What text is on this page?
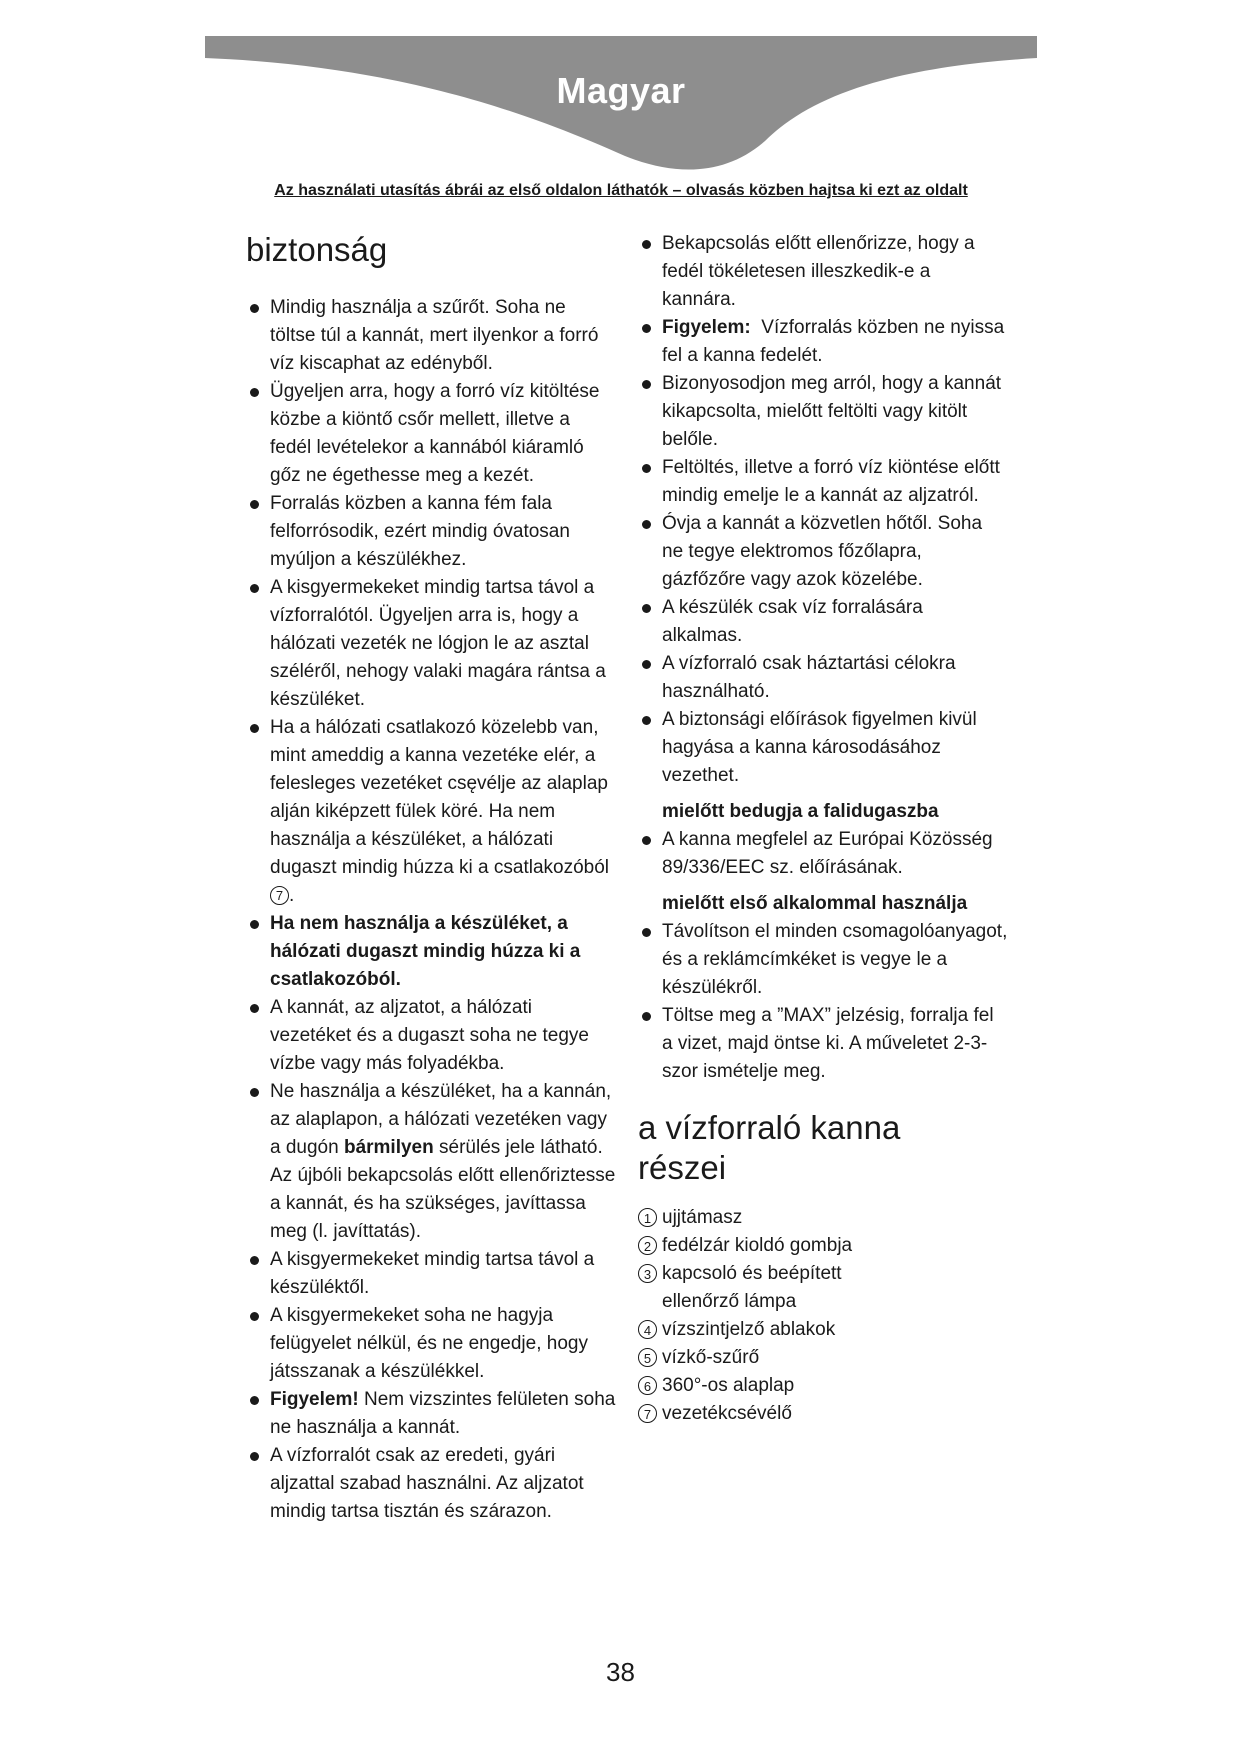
Magyar
Az használati utasítás ábrái az első oldalon láthatók – olvasás közben hajtsa ki ezt az oldalt
biztonság
Mindig használja a szűrőt. Soha ne töltse túl a kannát, mert ilyenkor a forró víz kiscaphat az edényből.
Ügyeljen arra, hogy a forró víz kitöltése közbe a kiöntő csőr mellett, illetve a fedél levételekor a kannából kiáramló gőz ne égethesse meg a kezét.
Forralás közben a kanna fém fala felforrósodik, ezért mindig óvatosan myúljon a készülékhez.
A kisgyermekeket mindig tartsa távol a vízforralótól. Ügyeljen arra is, hogy a hálózati vezeték ne lógjon le az asztal széléről, nehogy valaki magára rántsa a készüléket.
Ha a hálózati csatlakozó közelebb van, mint ameddig a kanna vezetéke elér, a felesleges vezetéket csęvélje az alaplap alján kiképzett fülek köré. Ha nem használja a készüléket, a hálózati dugaszt mindig húzza ki a csatlakozóból 7 .
Ha nem használja a készüléket, a hálózati dugaszt mindig húzza ki a csatlakozóból.
A kannát, az aljzatot, a hálózati vezetéket és a dugaszt soha ne tegye vízbe vagy más folyadékba.
Ne használja a készüléket, ha a kannán, az alaplapon, a hálózati vezetéken vagy a dugón bármilyen sérülés jele látható. Az újbóli bekapcsolás előtt ellenőriztesse a kannát, és ha szükséges, javíttassa meg (l. javíttatás).
A kisgyermekeket mindig tartsa távol a készüléktől.
A kisgyermekeket soha ne hagyja felügyelet nélkül, és ne engedje, hogy játsszanak a készülékkel.
Figyelem! Nem vizszintes felületen soha ne használja a kannát.
A vízforralót csak az eredeti, gyári aljzattal szabad használni. Az aljzatot mindig tartsa tisztán és szárazon.
Bekapcsolás előtt ellenőrizze, hogy a fedél tökéletesen illeszkedik-e a kannára.
Figyelem: Vízforralás közben ne nyissa fel a kanna fedelét.
Bizonyosodjon meg arról, hogy a kannát kikapcsolta, mielőtt feltölti vagy kitölt belőle.
Feltöltés, illetve a forró víz kiöntése előtt mindig emelje le a kannát az aljzatról.
Óvja a kannát a közvetlen hőtől. Soha ne tegye elektromos főzőlapra, gázfőzőre vagy azok közelébe.
A készülék csak víz forralására alkalmas.
A vízforraló csak háztartási célokra használható.
A biztonsági előírások figyelmen kivül hagyása a kanna károsodásához vezethet.
mielőtt bedugja a falidugaszba
A kanna megfelel az Európai Közösség 89/336/EEC sz. előírásának.
mielőtt első alkalommal használja
Távolítson el minden csomagolóanyagot, és a reklámcímkéket is vegye le a készülékről.
Töltse meg a ”MAX” jelzésig, forralja fel a vizet, majd öntse ki. A műveletet 2-3-szor ismételje meg.
a vízforraló kanna részei
1 ujjtámasz
2 fedélzár kioldó gombja
3 kapcsoló és beépített ellenőrző lámpa
4 vízszintjelző ablakok
5 vízkő-szűrő
6 360°-os alaplap
7 vezetékcsévélő
38
